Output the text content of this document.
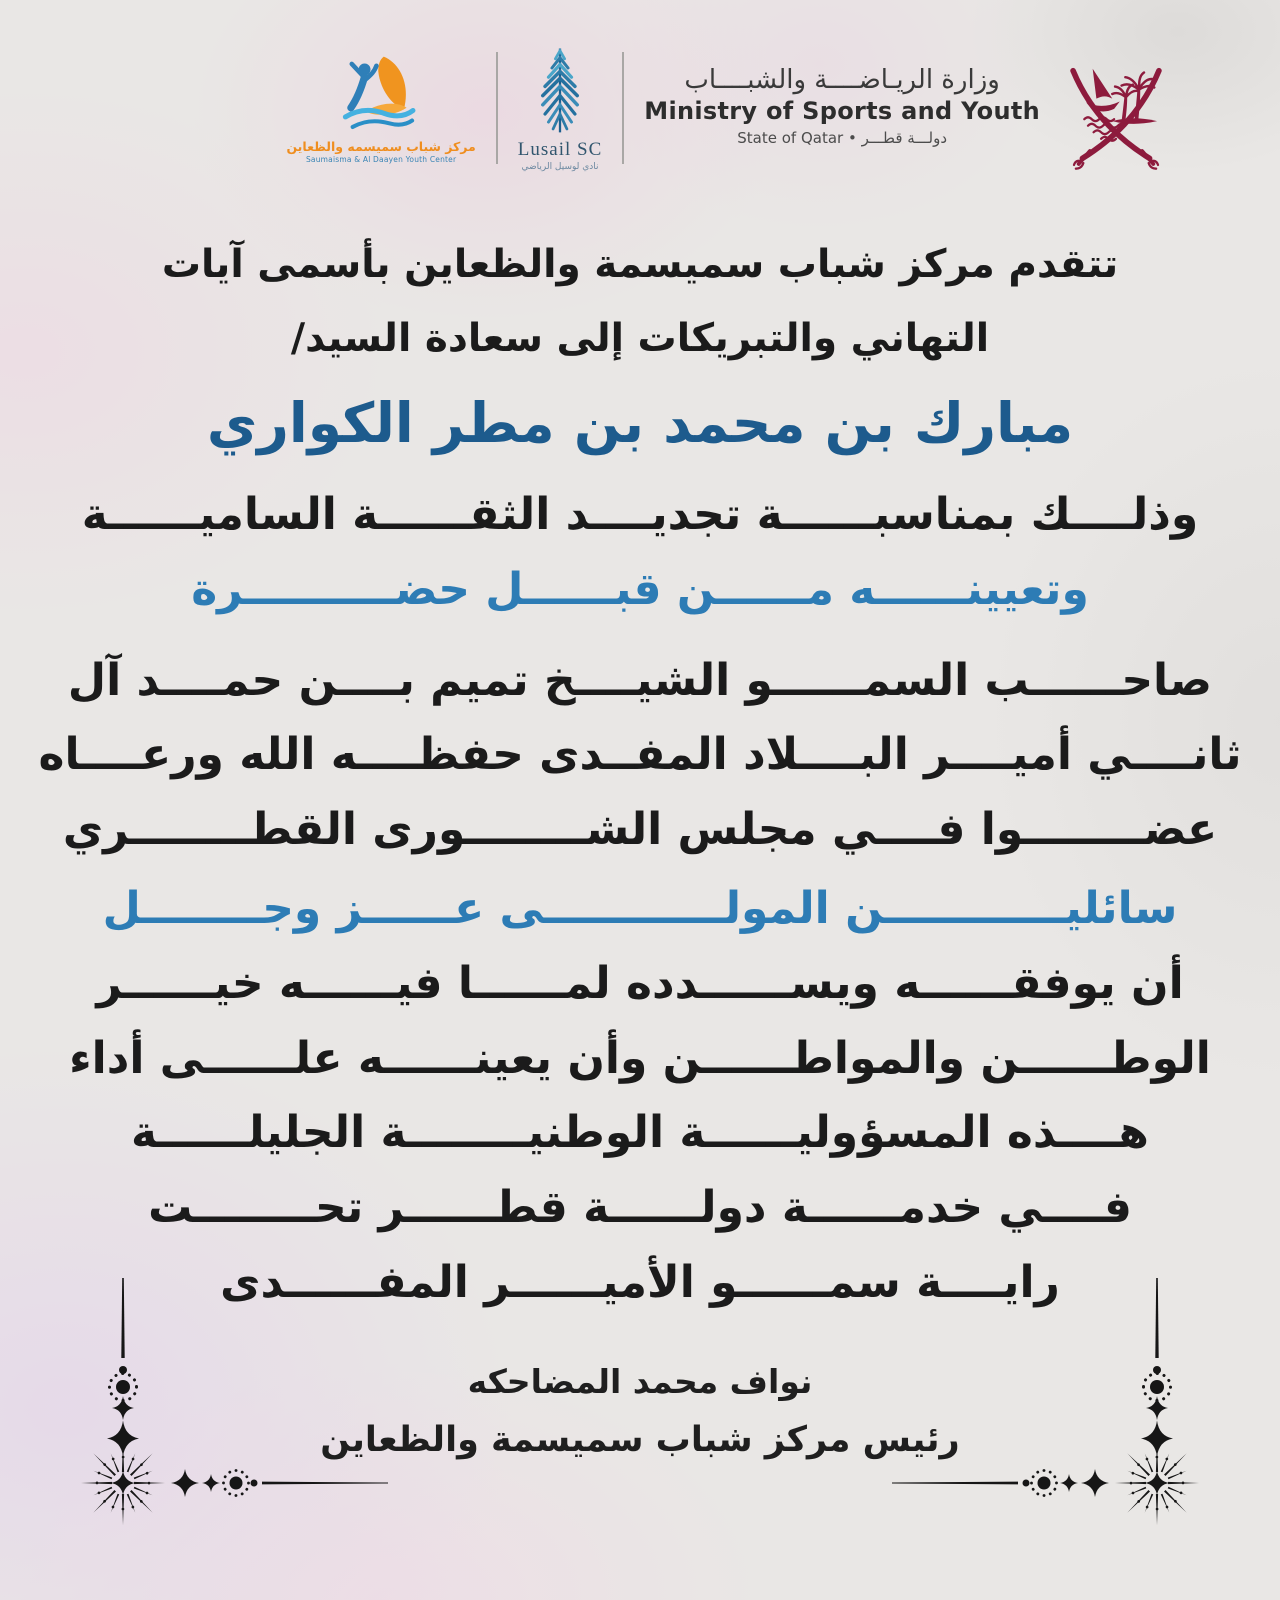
مركز شباب سميسمه والظعاين
Saumaisma & Al Daayen Youth Center	Lusail SC
نادي لوسيل الرياضي
وزارة الريـاضــــة والشبــــاب
Ministry of Sports and Youth
دولـــة قطـــر • State of Qatar
تتقدم مركز شباب سميسمة والظعاين بأسمى آيات
التهاني والتبريكات إلى سعادة السيد/
مبارك بن محمد بن مطر الكواري
وذلــــك بمناسبــــــة تجديــــد الثقــــــة الساميــــــة
وتعيينــــــه مــــــن قبــــــل حضــــــــــرة
صاحــــــب السمــــــو الشيــــخ تميم بــــن حمــــد آل
ثانــــي أميــــر البــــلاد المفــدى حفظــــه الله ورعــــاه
عضــــــــوا فــــي مجلس الشــــــــورى القطــــــــري
سائليــــــــــــن المولــــــــــــى عــــــز وجــــــــل
أن يوفقــــــه ويســــــدده لمــــــا فيــــــه خيــــــر
الوطــــــن والمواطــــــن وأن يعينــــــه علــــــى أداء
هــــذه المسؤوليــــــة الوطنيــــــــة الجليلــــــة
فــــي خدمــــــة دولــــــة قطــــــر تحــــــــت
رايــــة سمــــــو الأميــــــر المفــــــدى
نواف محمد المضاحكه
رئيس مركز شباب سميسمة والظعاين
